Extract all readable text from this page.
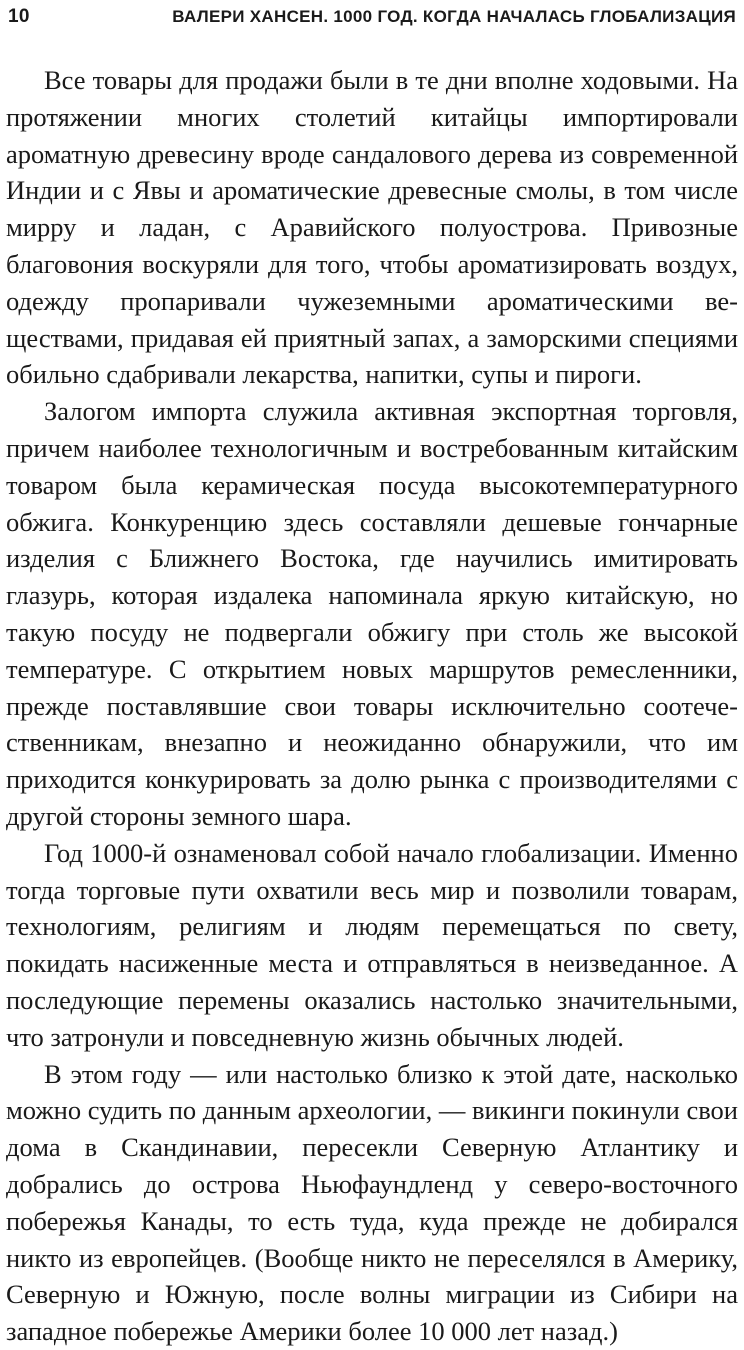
10	ВАЛЕРИ ХАНСЕН. 1000 ГОД. КОГДА НАЧАЛАСЬ ГЛОБАЛИЗАЦИЯ

Все товары для продажи были в те дни вполне ходовыми. На протяжении многих столетий китайцы импортировали ароматную древесину вроде сандалового дерева из современной Индии и с Явы и ароматические древесные смолы, в том числе мирру и ладан, с Аравийского полуострова. Привозные благовония воскуряли для того, чтобы ароматизировать воздух, одежду пропаривали чужеземными ароматическими веществами, придавая ей приятный запах, а заморскими специями обильно сдабривали лекарства, напитки, супы и пироги.

Залогом импорта служила активная экспортная торговля, причем наиболее технологичным и востребованным китайским товаром была керамическая посуда высокотемпературного обжига. Конкуренцию здесь составляли дешевые гончарные изделия с Ближнего Востока, где научились имитировать глазурь, которая издалека напоминала яркую китайскую, но такую посуду не подвергали обжигу при столь же высокой температуре. С открытием новых маршрутов ремесленники, прежде поставлявшие свои товары исключительно соотечественникам, внезапно и неожиданно обнаружили, что им приходится конкурировать за долю рынка с производителями с другой стороны земного шара.

Год 1000-й ознаменовал собой начало глобализации. Именно тогда торговые пути охватили весь мир и позволили товарам, технологиям, религиям и людям перемещаться по свету, покидать насиженные места и отправляться в неизведанное. А последующие перемены оказались настолько значительными, что затронули и повседневную жизнь обычных людей.

В этом году — или настолько близко к этой дате, насколько можно судить по данным археологии, — викинги покинули свои дома в Скандинавии, пересекли Северную Атлантику и добрались до острова Ньюфаундленд у северо-восточного побережья Канады, то есть туда, куда прежде не добирался никто из европейцев. (Вообще никто не переселялся в Америку, Северную и Южную, после волны миграции из Сибири на западное побережье Америки более 10 000 лет назад.)
